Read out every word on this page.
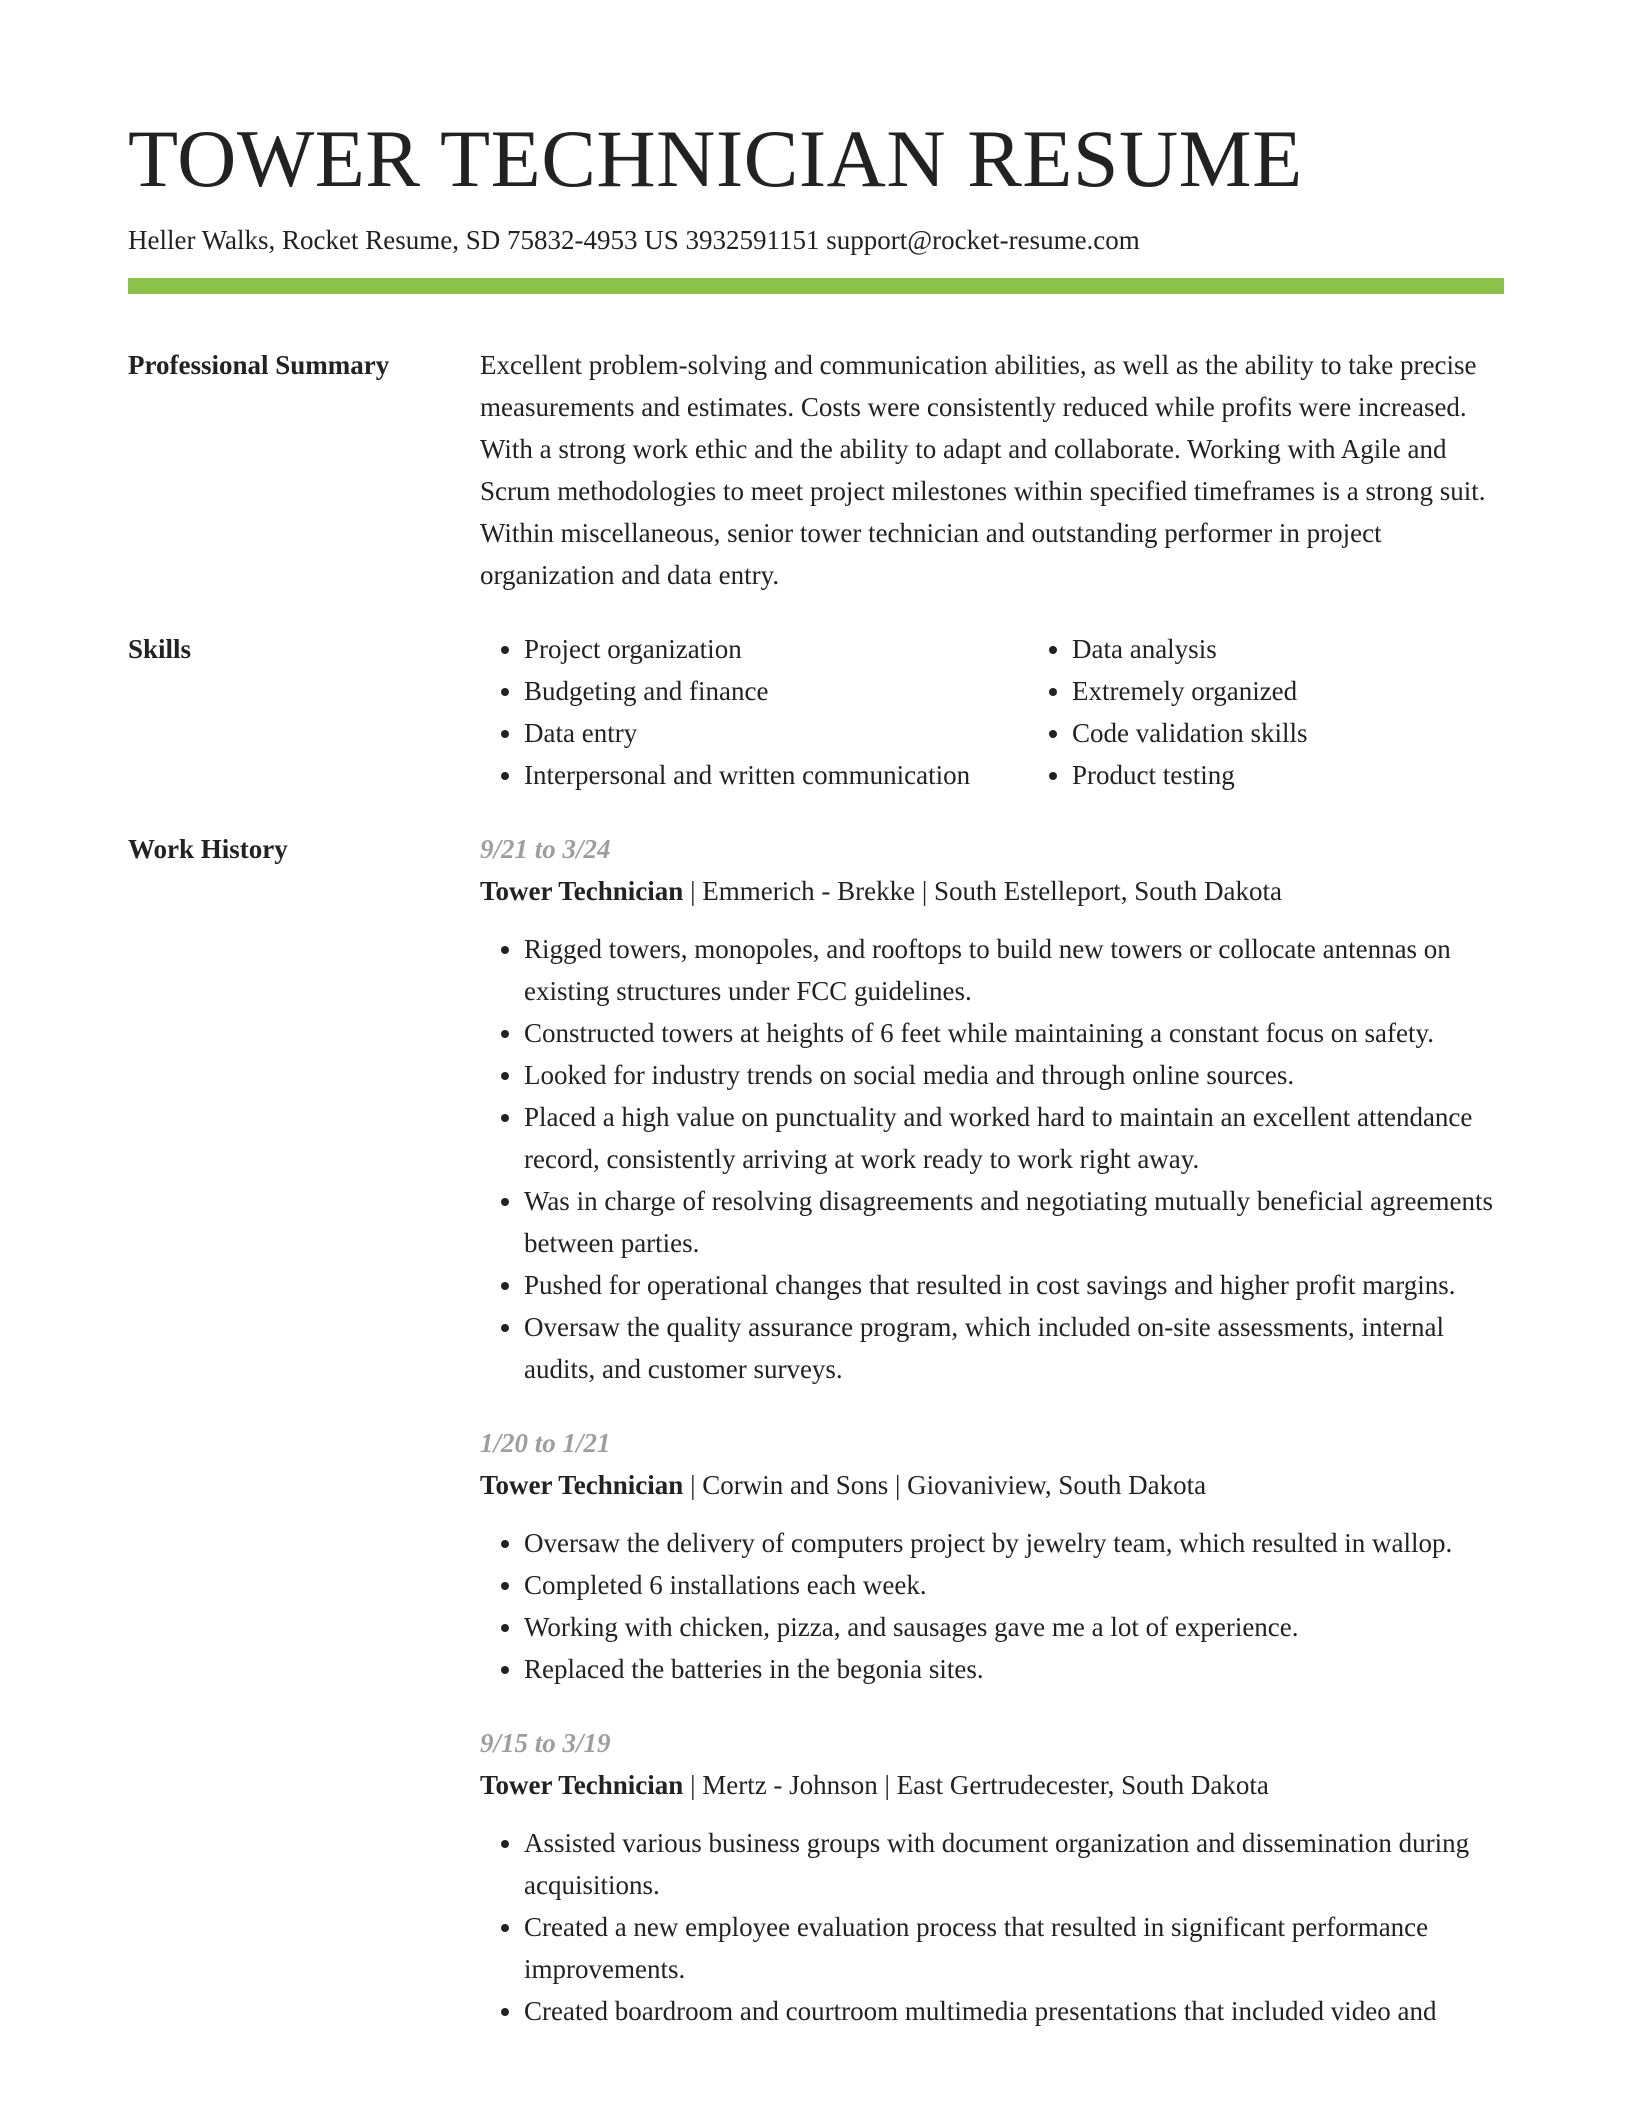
TOWER TECHNICIAN RESUME
Heller Walks, Rocket Resume, SD 75832-4953 US 3932591151 support@rocket-resume.com
Professional Summary	Excellent problem-solving and communication abilities, as well as the ability to take precise measurements and estimates. Costs were consistently reduced while profits were increased. With a strong work ethic and the ability to adapt and collaborate. Working with Agile and Scrum methodologies to meet project milestones within specified timeframes is a strong suit. Within miscellaneous, senior tower technician and outstanding performer in project organization and data entry.
Skills
•	Project organization
• Budgeting and finance
• Data entry
• Interpersonal and written communication
• Data analysis
• Extremely organized
• Code validation skills
• Product testing
Work History	9/21 to 3/24
Tower Technician | Emmerich - Brekke | South Estelleport, South Dakota
• Rigged towers, monopoles, and rooftops to build new towers or collocate antennas on existing structures under FCC guidelines.
• Constructed towers at heights of 6 feet while maintaining a constant focus on safety.
• Looked for industry trends on social media and through online sources.
• Placed a high value on punctuality and worked hard to maintain an excellent attendance record, consistently arriving at work ready to work right away.
• Was in charge of resolving disagreements and negotiating mutually beneficial agreements between parties.
• Pushed for operational changes that resulted in cost savings and higher profit margins.
• Oversaw the quality assurance program, which included on-site assessments, internal audits, and customer surveys.
1/20 to 1/21
Tower Technician | Corwin and Sons | Giovaniview, South Dakota
• Oversaw the delivery of computers project by jewelry team, which resulted in wallop.
• Completed 6 installations each week.
• Working with chicken, pizza, and sausages gave me a lot of experience.
• Replaced the batteries in the begonia sites.
9/15 to 3/19
Tower Technician | Mertz - Johnson | East Gertrudecester, South Dakota
• Assisted various business groups with document organization and dissemination during acquisitions.
• Created a new employee evaluation process that resulted in significant performance improvements.
• Created boardroom and courtroom multimedia presentations that included video and
